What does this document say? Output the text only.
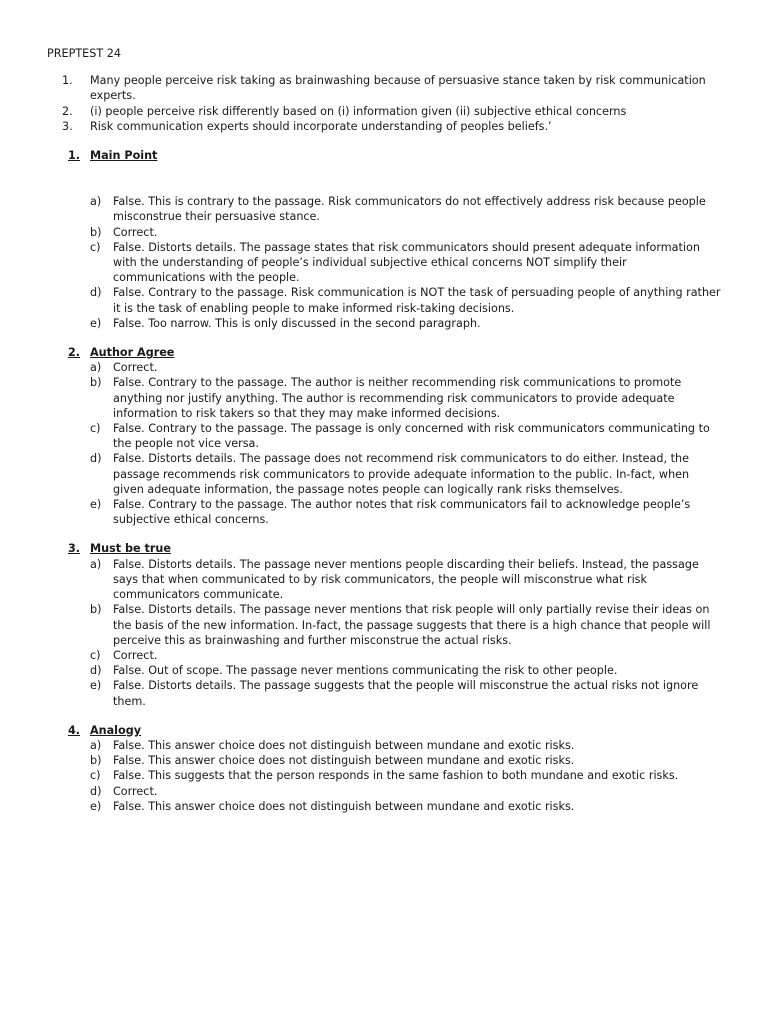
PREPTEST 24
1. Many people perceive risk taking as brainwashing because of persuasive stance taken by risk communication experts.
2. (i) people perceive risk differently based on (i) information given (ii) subjective ethical concerns
3. Risk communication experts should incorporate understanding of peoples beliefs.’
1. Main Point
a) False. This is contrary to the passage. Risk communicators do not effectively address risk because people misconstrue their persuasive stance.
b) Correct.
c) False. Distorts details. The passage states that risk communicators should present adequate information with the understanding of people’s individual subjective ethical concerns NOT simplify their communications with the people.
d) False. Contrary to the passage. Risk communication is NOT the task of persuading people of anything rather it is the task of enabling people to make informed risk-taking decisions.
e) False. Too narrow. This is only discussed in the second paragraph.
2. Author Agree
a) Correct.
b) False. Contrary to the passage. The author is neither recommending risk communications to promote anything nor justify anything. The author is recommending risk communicators to provide adequate information to risk takers so that they may make informed decisions.
c) False. Contrary to the passage. The passage is only concerned with risk communicators communicating to the people not vice versa.
d) False. Distorts details. The passage does not recommend risk communicators to do either. Instead, the passage recommends risk communicators to provide adequate information to the public. In-fact, when given adequate information, the passage notes people can logically rank risks themselves.
e) False. Contrary to the passage. The author notes that risk communicators fail to acknowledge people’s subjective ethical concerns.
3. Must be true
a) False. Distorts details. The passage never mentions people discarding their beliefs. Instead, the passage says that when communicated to by risk communicators, the people will misconstrue what risk communicators communicate.
b) False. Distorts details. The passage never mentions that risk people will only partially revise their ideas on the basis of the new information. In-fact, the passage suggests that there is a high chance that people will perceive this as brainwashing and further misconstrue the actual risks.
c) Correct.
d) False. Out of scope. The passage never mentions communicating the risk to other people.
e) False. Distorts details. The passage suggests that the people will misconstrue the actual risks not ignore them.
4. Analogy
a) False. This answer choice does not distinguish between mundane and exotic risks.
b) False. This answer choice does not distinguish between mundane and exotic risks.
c) False. This suggests that the person responds in the same fashion to both mundane and exotic risks.
d) Correct.
e) False. This answer choice does not distinguish between mundane and exotic risks.
